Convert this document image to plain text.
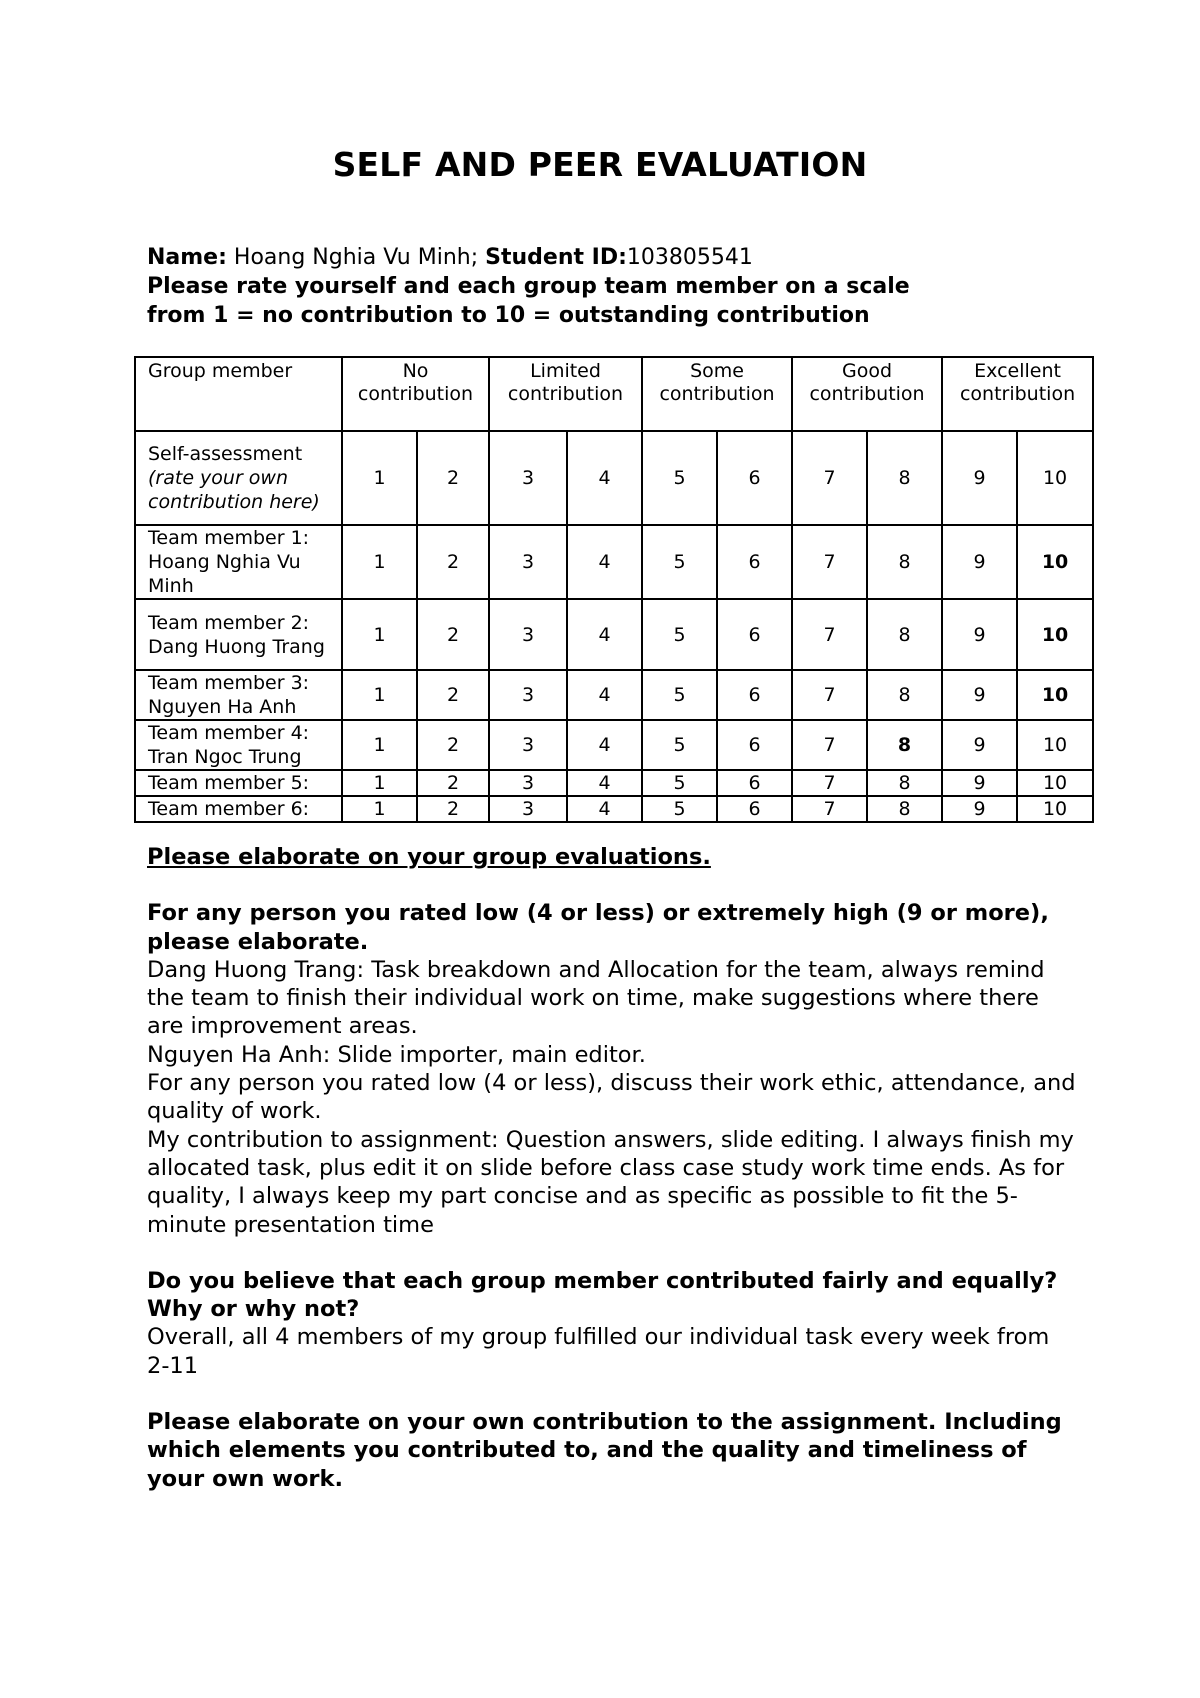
SELF AND PEER EVALUATION
Name: Hoang Nghia Vu Minh; Student ID:103805541
Please rate yourself and each group team member on a scale
from 1 = no contribution to 10 = outstanding contribution
Group member	No contribution		Limited contribution		Some contribution		Good contribution		Excellent contribution	

Self-assessment
(rate your own contribution here)	1	2	3	4	5	6	7	8	9	10

Team member 1:
Hoang Nghia Vu Minh	1	2	3	4	5	6	7	8	9	10

Team member 2:
Dang Huong Trang	1	2	3	4	5	6	7	8	9	10

Team member 3:
Nguyen Ha Anh	1	2	3	4	5	6	7	8	9	10

Team member 4:
Tran Ngoc Trung	1	2	3	4	5	6	7	8	9	10
Team member 5:	1	2	3	4	5	6	7	8	9	10
Team member 6:	1	2	3	4	5	6	7	8	9	10

Please elaborate on your group evaluations.

For any person you rated low (4 or less) or extremely high (9 or more), please elaborate.

Dang Huong Trang: Task breakdown and Allocation for the team, always remind the team to finish their individual work on time, make suggestions where there are improvement areas.

Nguyen Ha Anh: Slide importer, main editor.

For any person you rated low (4 or less), discuss their work ethic, attendance, and quality of work.

My contribution to assignment: Question answers, slide editing. I always finish my allocated task, plus edit it on slide before class case study work time ends. As for quality, I always keep my part concise and as specific as possible to fit the 5-minute presentation time

Do you believe that each group member contributed fairly and equally? Why or why not?

Overall, all 4 members of my group fulfilled our individual task every week from 2-11

Please elaborate on your own contribution to the assignment. Including which elements you contributed to, and the quality and timeliness of your own work.
